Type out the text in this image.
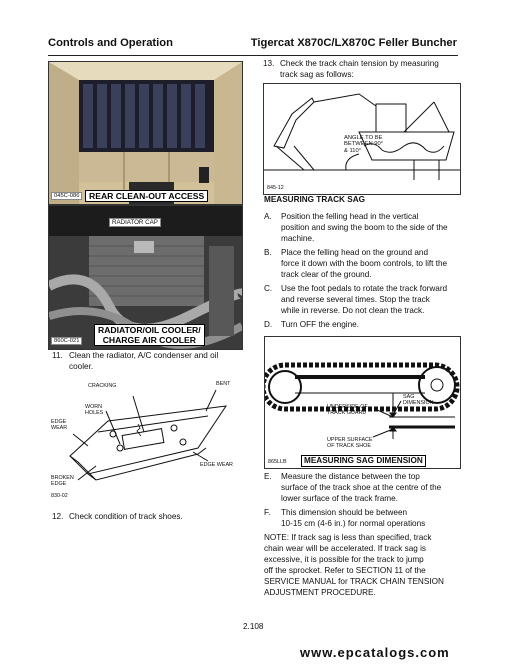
Controls and Operation	Tigercat X870C/LX870C Feller Buncher
045C-086	REAR CLEAN-OUT ACCESS
RADIATOR CAP
860C-021
RADIATOR/OIL COOLER/
CHARGE AIR COOLER
11. Clean the radiator, A/C condenser and oil
cooler.
CRACKING	BENT
WORN
HOLES
EDGE
WEAR
EDGE WEAR
BROKEN
EDGE
830-02
12. Check condition of track shoes.
13. Check the track chain tension by measuring
track sag as follows:
ANGLE TO BE
BETWEEN 90°
& 110°
845-12
MEASURING TRACK SAG
A. Position the felling head in the vertical
position and swing the boom to the side of the
machine.
B. Place the felling head on the ground and
force it down with the boom controls, to lift the
track clear of the ground.
C. Use the foot pedals to rotate the track forward
and reverse several times. Stop the track
while in reverse. Do not clean the track.
D. Turn OFF the engine.
SAG
DIMENSION
UNDERSIDE OF
TRACK GUARD
UPPER SURFACE
OF TRACK SHOE
865LLB	MEASURING SAG DIMENSION
E. Measure the distance between the top
surface of the track shoe at the centre of the
lower surface of the track frame.
F. This dimension should be between
10-15 cm (4-6 in.) for normal operations
NOTE: If track sag is less than specified, track
chain wear will be accelerated. If track sag is
excessive, it is possible for the track to jump
off the sprocket. Refer to SECTION 11 of the
SERVICE MANUAL for TRACK CHAIN TENSION
ADJUSTMENT PROCEDURE.
2.108
www.epcatalogs.com
